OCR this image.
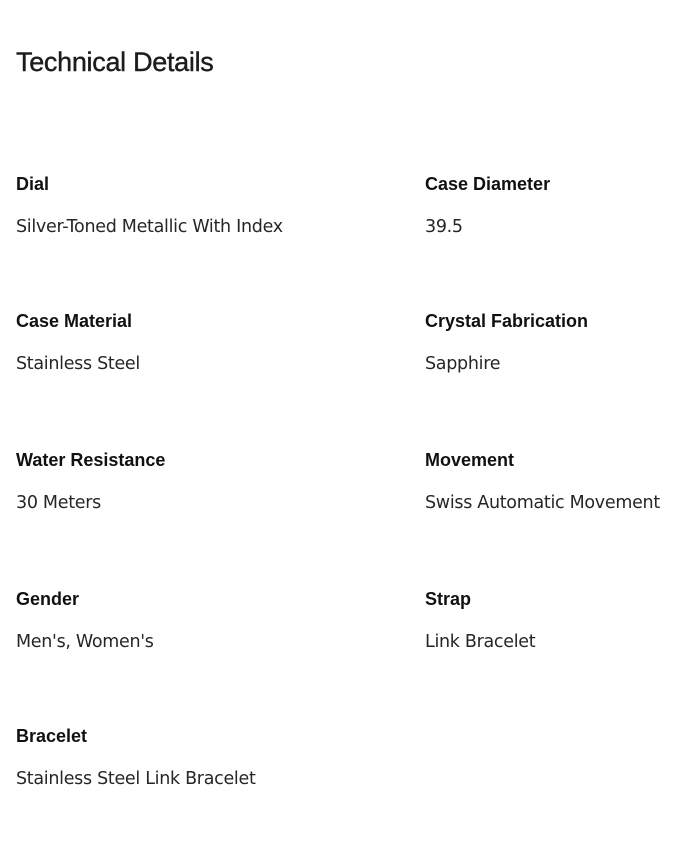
Technical Details
Dial
Silver-Toned Metallic With Index
Case Diameter
39.5
Case Material
Stainless Steel
Crystal Fabrication
Sapphire
Water Resistance
30 Meters
Movement
Swiss Automatic Movement
Gender
Men's, Women's
Strap
Link Bracelet
Bracelet
Stainless Steel Link Bracelet
